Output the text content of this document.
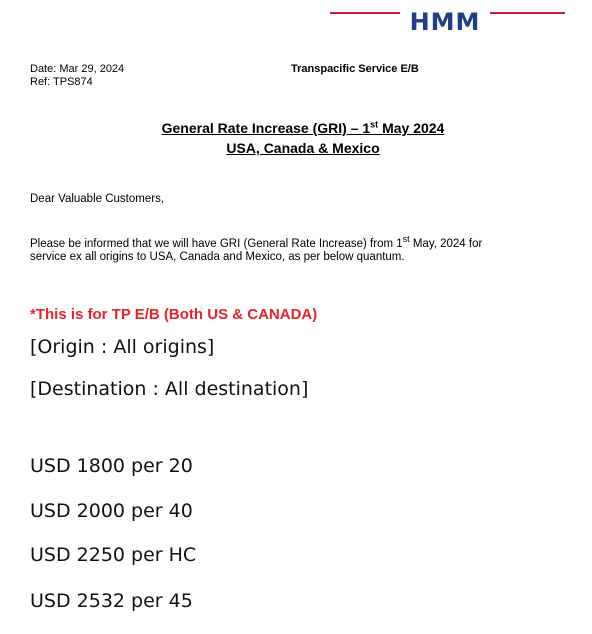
HMM
Date: Mar 29, 2024
Ref: TPS874
Transpacific Service E/B
General Rate Increase (GRI) – 1st May 2024
USA, Canada & Mexico
Dear Valuable Customers,
Please be informed that we will have GRI (General Rate Increase) from 1st May, 2024 for
service ex all origins to USA, Canada and Mexico, as per below quantum.
*This is for TP E/B (Both US & CANADA)
[Origin : All origins]
[Destination : All destination]
USD 1800 per 20
USD 2000 per 40
USD 2250 per HC
USD 2532 per 45
